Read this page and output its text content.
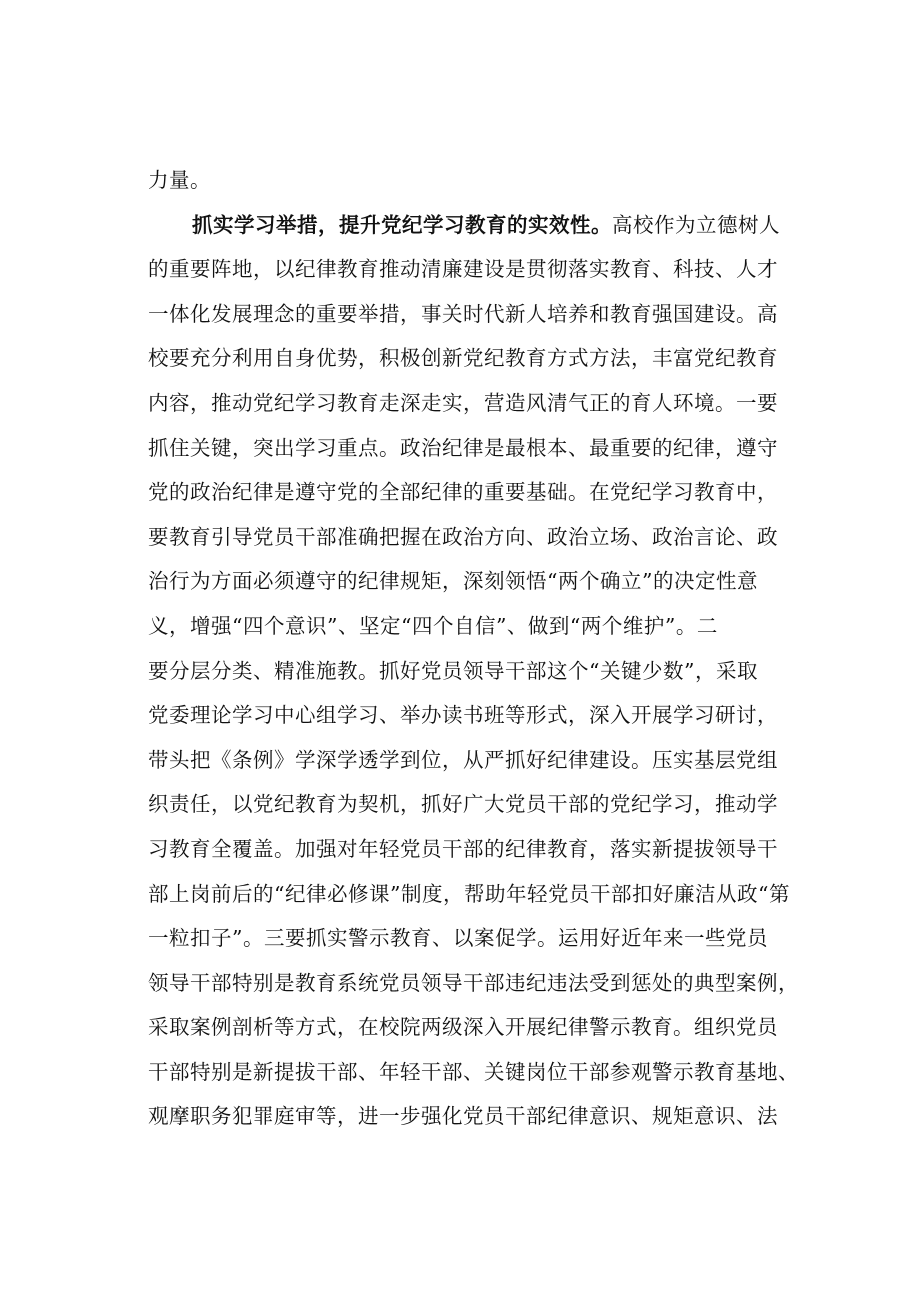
力量。
抓实学习举措，提升党纪学习教育的实效性。高校作为立德树人
的重要阵地，以纪律教育推动清廉建设是贯彻落实教育、科技、人才
一体化发展理念的重要举措，事关时代新人培养和教育强国建设。高
校要充分利用自身优势，积极创新党纪教育方式方法，丰富党纪教育
内容，推动党纪学习教育走深走实，营造风清气正的育人环境。一要
抓住关键，突出学习重点。政治纪律是最根本、最重要的纪律，遵守
党的政治纪律是遵守党的全部纪律的重要基础。在党纪学习教育中，
要教育引导党员干部准确把握在政治方向、政治立场、政治言论、政
治行为方面必须遵守的纪律规矩，深刻领悟“两个确立”的决定性意
义，增强“四个意识”、坚定“四个自信”、做到“两个维护”。二
要分层分类、精准施教。抓好党员领导干部这个“关键少数”，采取
党委理论学习中心组学习、举办读书班等形式，深入开展学习研讨，
带头把《条例》学深学透学到位，从严抓好纪律建设。压实基层党组
织责任，以党纪教育为契机，抓好广大党员干部的党纪学习，推动学
习教育全覆盖。加强对年轻党员干部的纪律教育，落实新提拔领导干
部上岗前后的“纪律必修课”制度，帮助年轻党员干部扣好廉洁从政“第
一粒扣子”。三要抓实警示教育、以案促学。运用好近年来一些党员
领导干部特别是教育系统党员领导干部违纪违法受到惩处的典型案例，
采取案例剖析等方式，在校院两级深入开展纪律警示教育。组织党员
干部特别是新提拔干部、年轻干部、关键岗位干部参观警示教育基地、
观摩职务犯罪庭审等，进一步强化党员干部纪律意识、规矩意识、法
